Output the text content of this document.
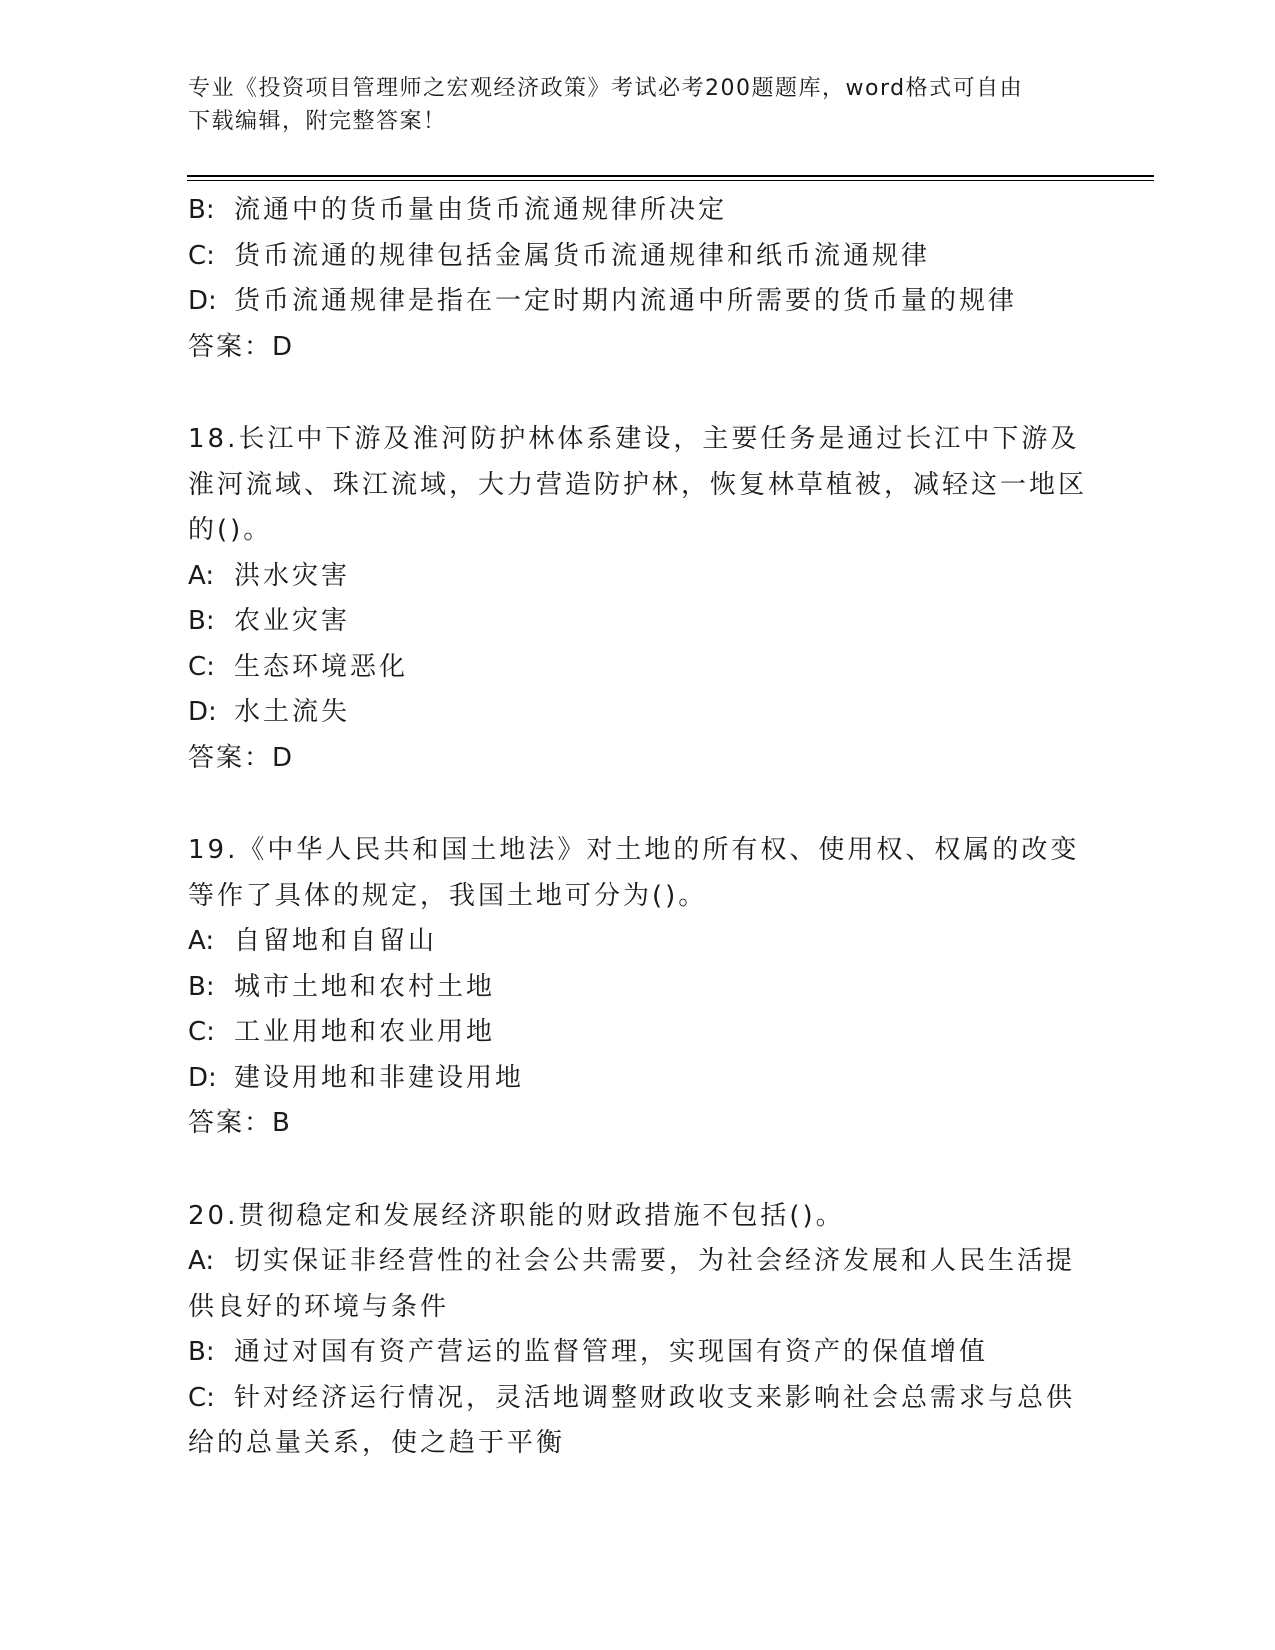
专业《投资项目管理师之宏观经济政策》考试必考200题题库，word格式可自由
下载编辑，附完整答案！
B: 流通中的货币量由货币流通规律所决定
C: 货币流通的规律包括金属货币流通规律和纸币流通规律
D: 货币流通规律是指在一定时期内流通中所需要的货币量的规律
答案：D
18.长江中下游及淮河防护林体系建设，主要任务是通过长江中下游及淮河流域、珠江流域，大力营造防护林，恢复林草植被，减轻这一地区的()。
A: 洪水灾害
B: 农业灾害
C: 生态环境恶化
D: 水土流失
答案：D
19.《中华人民共和国土地法》对土地的所有权、使用权、权属的改变等作了具体的规定，我国土地可分为()。
A: 自留地和自留山
B: 城市土地和农村土地
C: 工业用地和农业用地
D: 建设用地和非建设用地
答案：B
20.贯彻稳定和发展经济职能的财政措施不包括()。
A: 切实保证非经营性的社会公共需要，为社会经济发展和人民生活提供良好的环境与条件
B: 通过对国有资产营运的监督管理，实现国有资产的保值增值
C: 针对经济运行情况，灵活地调整财政收支来影响社会总需求与总供给的总量关系，使之趋于平衡
